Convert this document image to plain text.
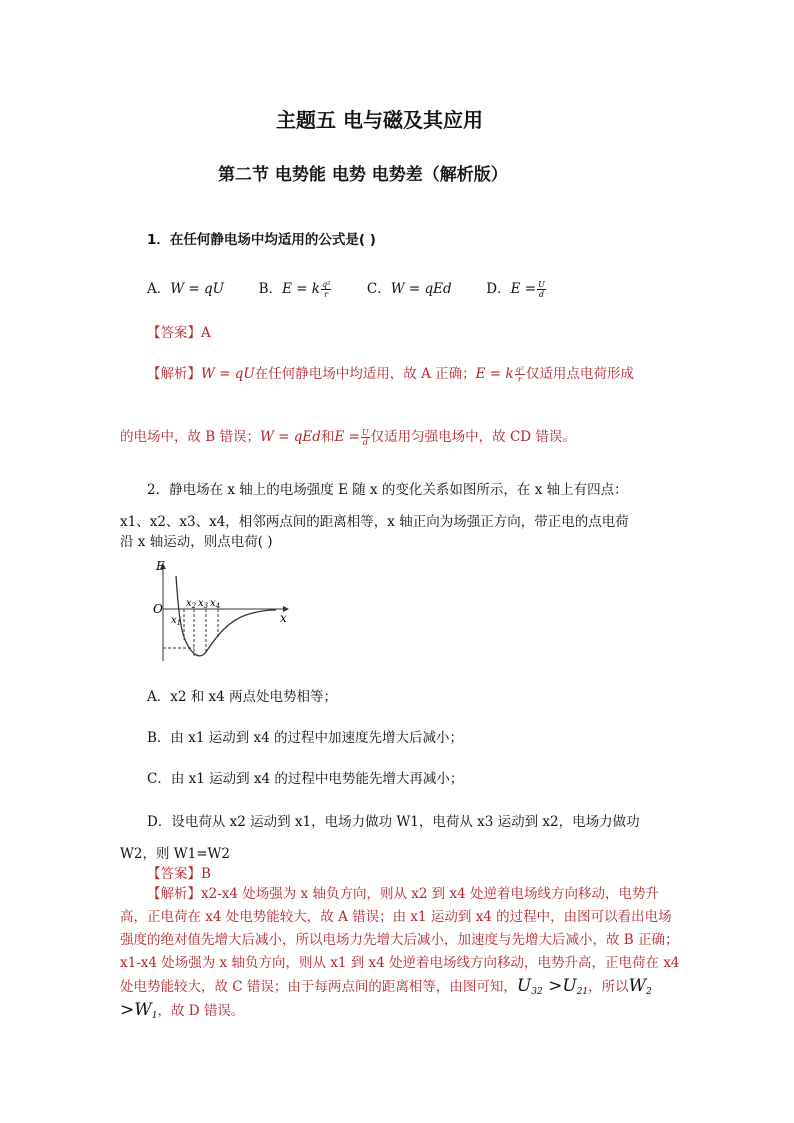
主题五 电与磁及其应用
第二节 电势能 电势 电势差（解析版）
1．在任何静电场中均适用的公式是( )
A．W = qU	B．E = k $\frac{\text{q²}}{r}$	C．W = qEd	D．$E = \frac{U}{d}$
【答案】A
【解析】W = qU在任何静电场中均适用，故 A 正确；E = k $\frac{\text{q²}}{r}$ 仅适用点电荷形成
的电场中，故 B 错误；W = qEd和$E = \frac{U}{d}$ 仅适用匀强电场中，故 CD 错误。
2．静电场在 x 轴上的电场强度 E 随 x 的变化关系如图所示，在 x 轴上有四点：
x1、x2、x3、x4，相邻两点间的距离相等，x 轴正向为场强正方向，带正电的点电荷
沿 x 轴运动，则点电荷( )
E
x
O
$x_1$
$x_2$ $x_3$ $x_4$
A．x2 和 x4 两点处电势相等；
B．由 x1 运动到 x4 的过程中加速度先增大后减小；
C．由 x1 运动到 x4 的过程中电势能先增大再减小；
D．设电荷从 x2 运动到 x1，电场力做功 W1，电荷从 x3 运动到 x2，电场力做功
W2，则 W1=W2
【答案】B
【解析】x2-x4 处场强为 x 轴负方向，则从 x2 到 x4 处逆着电场线方向移动，电势升高，正电荷在 x4 处电势能较大，故 A 错误；由 x1 运动到 x4 的过程中，由图可以看出电场强度的绝对值先增大后减小，所以电场力先增大后减小，加速度与先增大后减小，故 B 正确；x1-x4 处场强为 x 轴负方向，则从 x1 到 x4 处逆着电场线方向移动，电势升高，正电荷在 x4 处电势能较大，故 C 错误；由于每两点间的距离相等，由图可知，$U_{32} >U_{21}$，所以$W_2 >W_1$，故 D 错误。
